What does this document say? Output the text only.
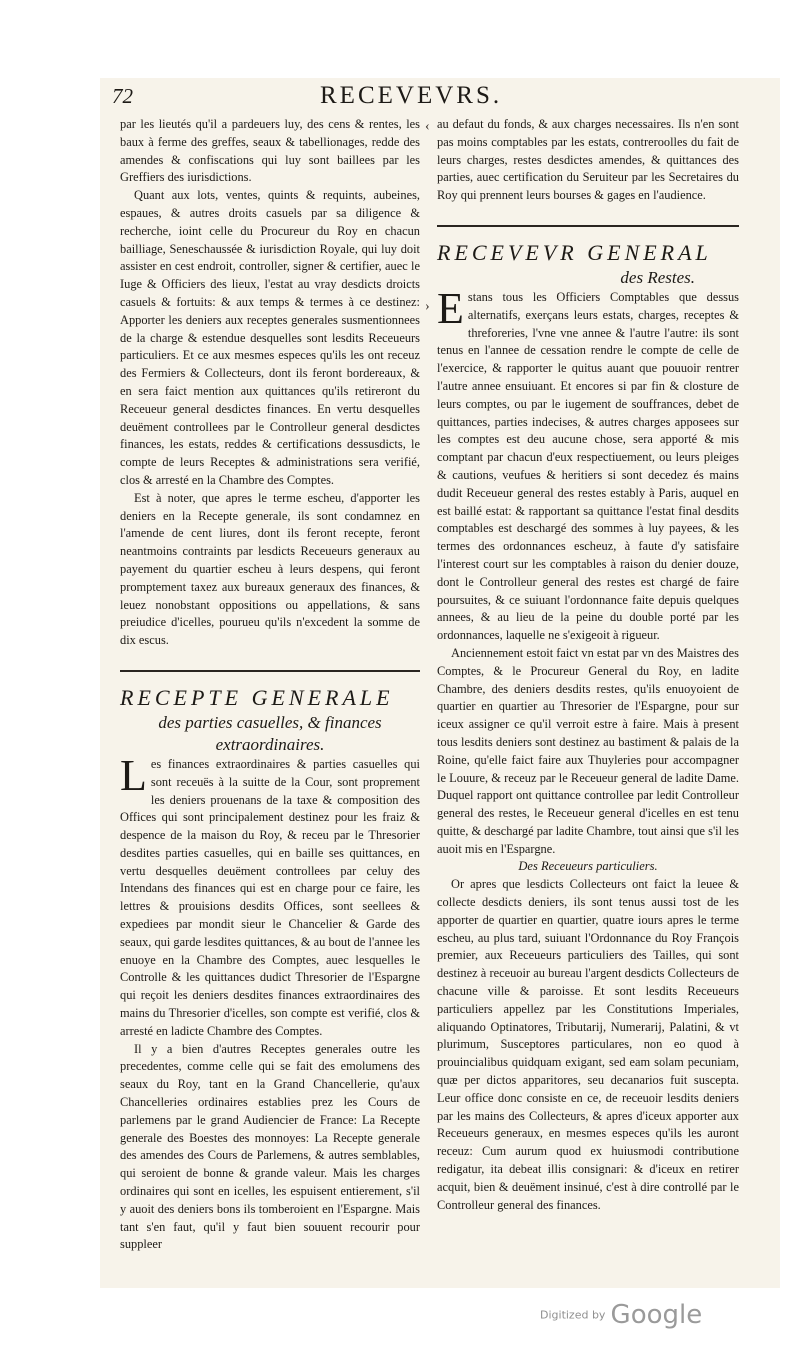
72	RECEVEVRS.
‹

›

par les lieutés qu'il a pardeuers luy, des cens & rentes, les baux à ferme des greffes, seaux & tabellionages, redde des amendes & confiscations qui luy sont baillees par les Greffiers des iurisdictions.

Quant aux lots, ventes, quints & requints, aubeines, espaues, & autres droits casuels par sa diligence & recherche, ioint celle du Procureur du Roy en chacun bailliage, Seneschaussée & iurisdiction Royale, qui luy doit assister en cest endroit, controller, signer & certifier, auec le Iuge & Officiers des lieux, l'estat au vray desdicts droicts casuels & fortuits: & aux temps & termes à ce destinez: Apporter les deniers aux receptes generales susmentionnees de la charge & estendue desquelles sont lesdits Receueurs particuliers. Et ce aux mesmes especes qu'ils les ont receuz des Fermiers & Collecteurs, dont ils feront bordereaux, & en sera faict mention aux quittances qu'ils retireront du Receueur general desdictes finances. En vertu desquelles deuëment controllees par le Controlleur general desdictes finances, les estats, reddes & certifications dessusdicts, le compte de leurs Receptes & administrations sera verifié, clos & arresté en la Chambre des Comptes.

Est à noter, que apres le terme escheu, d'apporter les deniers en la Recepte generale, ils sont condamnez en l'amende de cent liures, dont ils feront recepte, feront neantmoins contraints par lesdicts Receueurs generaux au payement du quartier escheu à leurs despens, qui feront promptement taxez aux bureaux generaux des finances, & leuez nonobstant oppositions ou appellations, & sans preiudice d'icelles, pourueu qu'ils n'excedent la somme de dix escus.

RECEPTE GENERALE

des parties casuelles, & finances

extraordinaires.

Les finances extraordinaires & parties casuelles qui sont receuës à la suitte de la Cour, sont proprement les deniers prouenans de la taxe & composition des Offices qui sont principalement destinez pour les fraiz & despence de la maison du Roy, & receu par le Thresorier desdites parties casuelles, qui en baille ses quittances, en vertu desquelles deuëment controllees par celuy des Intendans des finances qui est en charge pour ce faire, les lettres & prouisions desdits Offices, sont seellees & expediees par mondit sieur le Chancelier & Garde des seaux, qui garde lesdites quittances, & au bout de l'annee les enuoye en la Chambre des Comptes, auec lesquelles le Controlle & les quittances dudict Thresorier de l'Espargne qui reçoit les deniers desdites finances extraordinaires des mains du Thresorier d'icelles, son compte est verifié, clos & arresté en ladicte Chambre des Comptes.

Il y a bien d'autres Receptes generales outre les precedentes, comme celle qui se fait des emolumens des seaux du Roy, tant en la Grand Chancellerie, qu'aux Chancelleries ordinaires establies prez les Cours de parlemens par le grand Audiencier de France: La Recepte generale des Boestes des monnoyes: La Recepte generale des amendes des Cours de Parlemens, & autres semblables, qui seroient de bonne & grande valeur. Mais les charges ordinaires qui sont en icelles, les espuisent entierement, s'il y auoit des deniers bons ils tomberoient en l'Espargne. Mais tant s'en faut, qu'il y faut bien souuent recourir pour suppleer

au defaut du fonds, & aux charges necessaires. Ils n'en sont pas moins comptables par les estats, contreroolles du fait de leurs charges, restes desdictes amendes, & quittances des parties, auec certification du Seruiteur par les Secretaires du Roy qui prennent leurs bourses & gages en l'audience.

RECEVEVR GENERAL

des Restes.

Estans tous les Officiers Comptables que dessus alternatifs, exerçans leurs estats, charges, receptes & threforeries, l'vne vne annee & l'autre l'autre: ils sont tenus en l'annee de cessation rendre le compte de celle de l'exercice, & rapporter le quitus auant que pouuoir rentrer l'autre annee ensuiuant. Et encores si par fin & closture de leurs comptes, ou par le iugement de souffrances, debet de quittances, parties indecises, & autres charges apposees sur les comptes est deu aucune chose, sera apporté & mis comptant par chacun d'eux respectiuement, ou leurs pleiges & cautions, veufues & heritiers si sont decedez és mains dudit Receueur general des restes estably à Paris, auquel en est baillé estat: & rapportant sa quittance l'estat final desdits comptables est deschargé des sommes à luy payees, & les termes des ordonnances escheuz, à faute d'y satisfaire l'interest court sur les comptables à raison du denier douze, dont le Controlleur general des restes est chargé de faire poursuites, & ce suiuant l'ordonnance faite depuis quelques annees, & au lieu de la peine du double porté par les ordonnances, laquelle ne s'exigeoit à rigueur.

Anciennement estoit faict vn estat par vn des Maistres des Comptes, & le Procureur General du Roy, en ladite Chambre, des deniers desdits restes, qu'ils enuoyoient de quartier en quartier au Thresorier de l'Espargne, pour sur iceux assigner ce qu'il verroit estre à faire. Mais à present tous lesdits deniers sont destinez au bastiment & palais de la Roine, qu'elle faict faire aux Thuyleries pour accompagner le Louure, & receuz par le Receueur general de ladite Dame. Duquel rapport ont quittance controllee par ledit Controlleur general des restes, le Receueur general d'icelles en est tenu quitte, & deschargé par ladite Chambre, tout ainsi que s'il les auoit mis en l'Espargne.

Des Receueurs particuliers.

Or apres que lesdicts Collecteurs ont faict la leuee & collecte desdicts deniers, ils sont tenus aussi tost de les apporter de quartier en quartier, quatre iours apres le terme escheu, au plus tard, suiuant l'Ordonnance du Roy François premier, aux Receueurs particuliers des Tailles, qui sont destinez à receuoir au bureau l'argent desdicts Collecteurs de chacune ville & paroisse. Et sont lesdits Receueurs particuliers appellez par les Constitutions Imperiales, aliquando Optinatores, Tributarij, Numerarij, Palatini, & vt plurimum, Susceptores particulares, non eo quod à prouincialibus quidquam exigant, sed eam solam pecuniam, quæ per dictos apparitores, seu decanarios fuit suscepta. Leur office donc consiste en ce, de receuoir lesdits deniers par les mains des Collecteurs, & apres d'iceux apporter aux Receueurs generaux, en mesmes especes qu'ils les auront receuz: Cum aurum quod ex huiusmodi contributione redigatur, ita debeat illis consignari: & d'iceux en retirer acquit, bien & deuëment insinué, c'est à dire controllé par le Controlleur general des finances.

Digitized by Google
